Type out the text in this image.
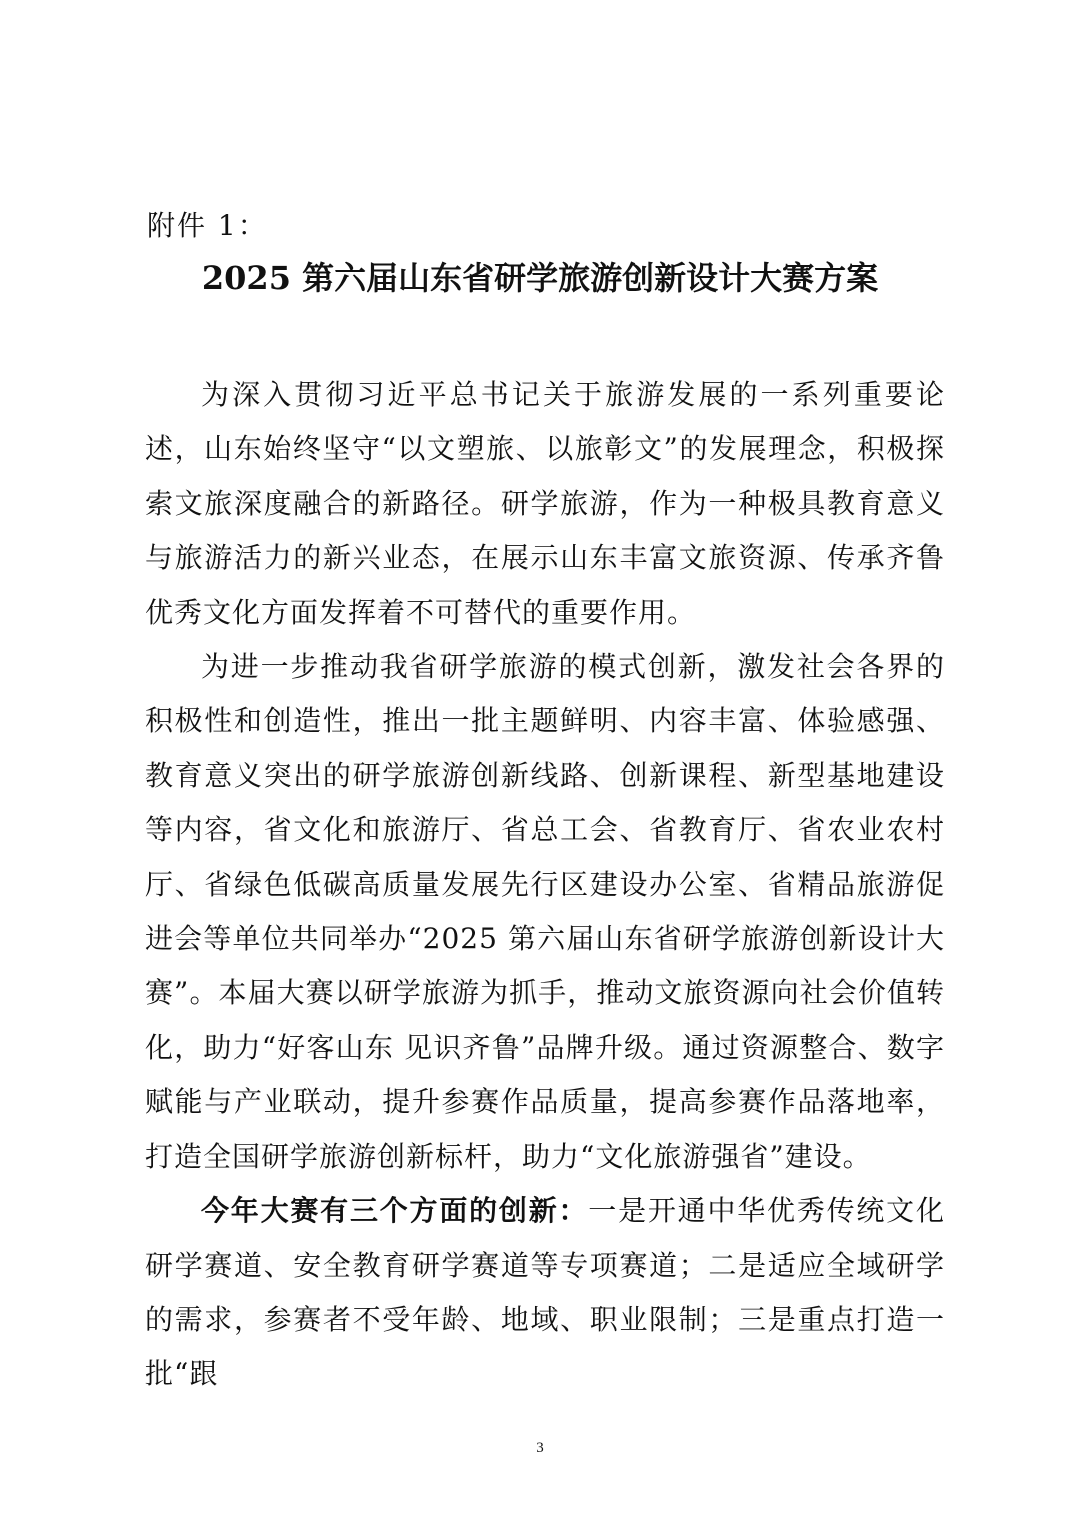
附件 1：
2025 第六届山东省研学旅游创新设计大赛方案

为深入贯彻习近平总书记关于旅游发展的一系列重要论述，山东始终坚守“以文塑旅、以旅彰文”的发展理念，积极探索文旅深度融合的新路径。研学旅游，作为一种极具教育意义与旅游活力的新兴业态，在展示山东丰富文旅资源、传承齐鲁优秀文化方面发挥着不可替代的重要作用。

为进一步推动我省研学旅游的模式创新，激发社会各界的积极性和创造性，推出一批主题鲜明、内容丰富、体验感强、教育意义突出的研学旅游创新线路、创新课程、新型基地建设等内容，省文化和旅游厅、省总工会、省教育厅、省农业农村厅、省绿色低碳高质量发展先行区建设办公室、省精品旅游促进会等单位共同举办“2025 第六届山东省研学旅游创新设计大赛”。本届大赛以研学旅游为抓手，推动文旅资源向社会价值转化，助力“好客山东 见识齐鲁”品牌升级。通过资源整合、数字赋能与产业联动，提升参赛作品质量，提高参赛作品落地率，打造全国研学旅游创新标杆，助力“文化旅游强省”建设。

今年大赛有三个方面的创新：一是开通中华优秀传统文化研学赛道、安全教育研学赛道等专项赛道；二是适应全域研学的需求，参赛者不受年龄、地域、职业限制；三是重点打造一批“跟

3
